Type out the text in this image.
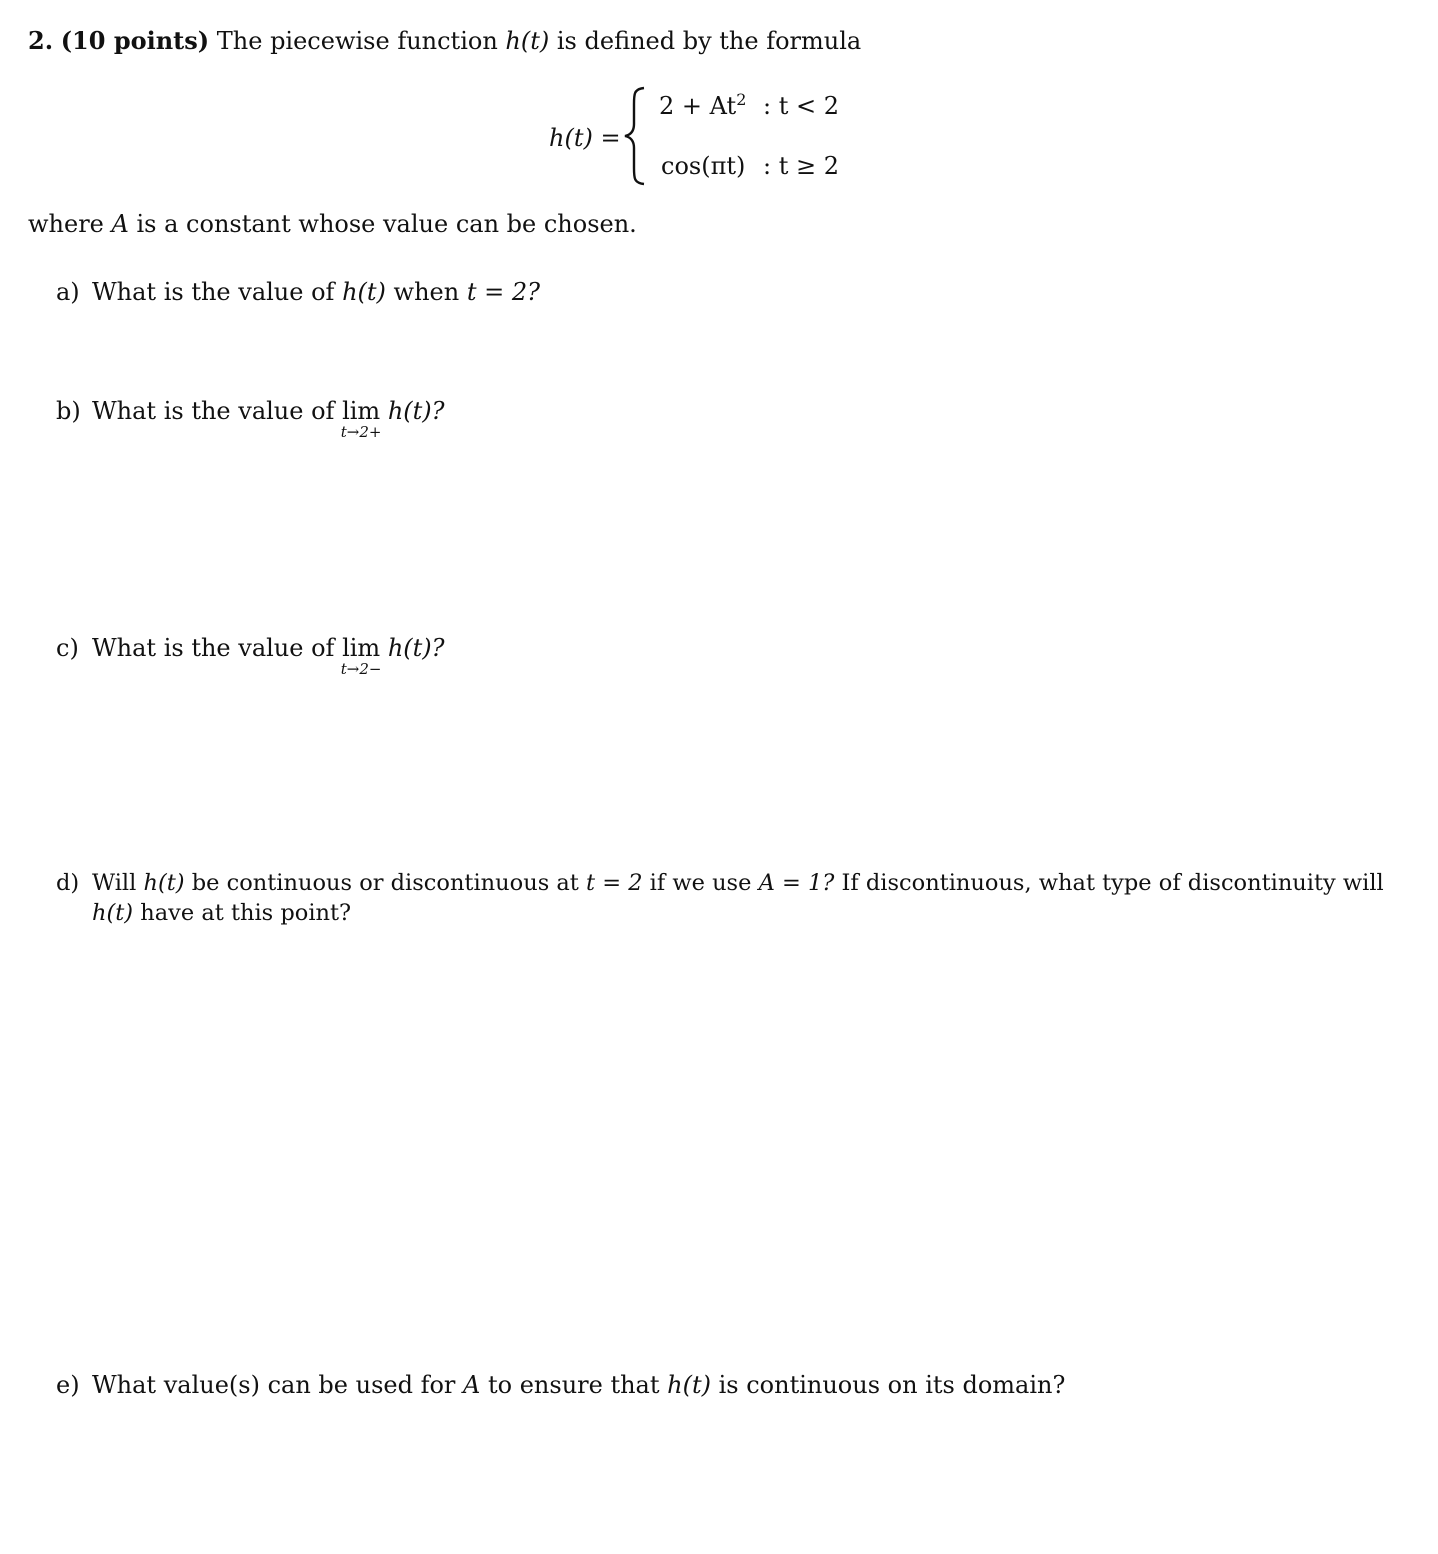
2. (10 points) The piecewise function h(t) is defined by the formula
h(t) =
$2 + At^2$ : t < 2
cos(πt) : t ≥ 2
where A is a constant whose value can be chosen.
a) What is the value of h(t) when t = 2?
b) What is the value of lim
t→2+
h(t)?
c) What is the value of lim
t→2−
h(t)?
d) Will h(t) be continuous or discontinuous at t = 2 if we use A = 1? If discontinuous, what type of discontinuity will
h(t) have at this point?
e) What value(s) can be used for A to ensure that h(t) is continuous on its domain?
